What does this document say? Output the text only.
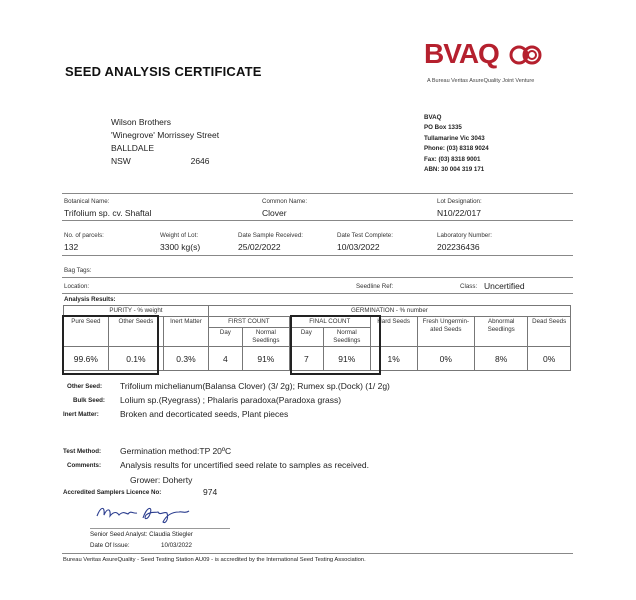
SEED ANALYSIS CERTIFICATE
BVAQ
A Bureau Veritas AsureQuality Joint Venture
Wilson Brothers
'Winegrove' Morrissey Street
BALLDALE
NSW	2646
BVAQ
PO Box 1335
Tullamarine Vic 3043
Phone: (03) 8318 9024
Fax: (03) 8318 9001
ABN: 30 004 319 171
Botanical Name:
Trifolium sp. cv. Shaftal
Common Name:
Clover
Lot Designation:
N10/22/017
No. of parcels:
132
Weight of Lot:
3300 kg(s)
Date Sample Received:
25/02/2022
Date Test Complete:
10/03/2022
Laboratory Number:
202236436
Bag Tags:
Location:	Seedline Ref:	Class: Uncertified
Analysis Results:
PURITY - % weight			GERMINATION - % number							
Pure Seed	Other Seeds	Inert Matter	FIRST COUNT		FINAL COUNT		Hard Seeds	Fresh Ungermin-ated Seeds	Abnormal Seedlings	Dead Seeds
			Day	Normal Seedlings	Day	Normal Seedlings				
99.6%	0.1%	0.3%	4	91%	7	91%	1%	0%	8%	0%
Other Seed: Trifolium michelianum(Balansa Clover) (3/ 2g); Rumex sp.(Dock) (1/ 2g)
Bulk Seed: Lolium sp.(Ryegrass) ; Phalaris paradoxa(Paradoxa grass)
Inert Matter: Broken and decorticated seeds, Plant pieces
Test Method: Germination method:TP 20ºC
Comments: Analysis results for uncertified seed relate to samples as received.
Grower: Doherty
Accredited Samplers Licence No:	974
Senior Seed Analyst: Claudia Stiegler
Date Of Issue:	10/03/2022
Bureau Veritas AsureQuality - Seed Testing Station AU09 - is accredited by the International Seed Testing Association.
